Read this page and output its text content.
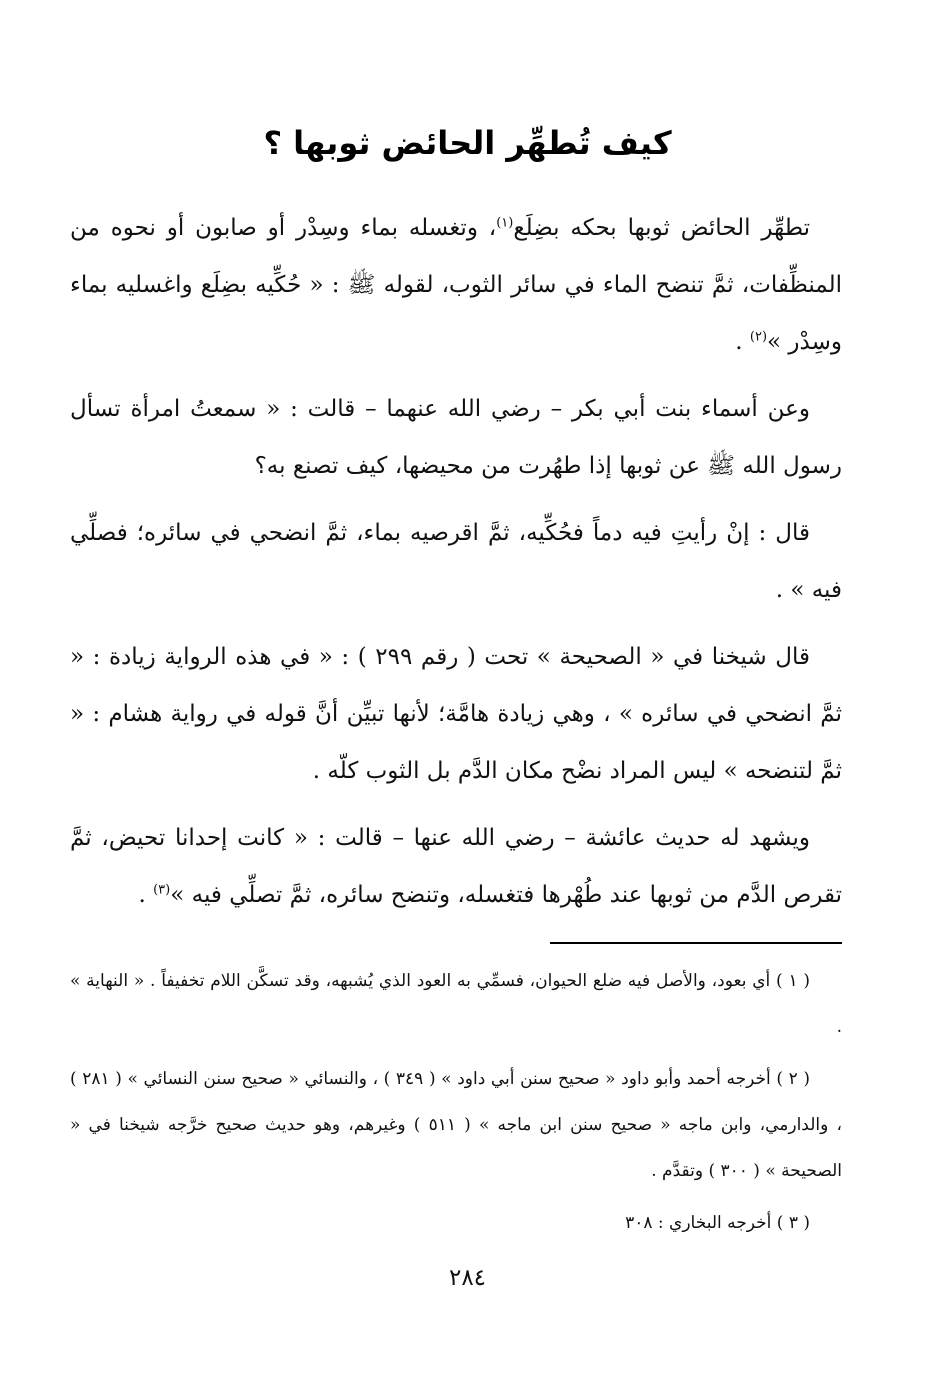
كيف تُطهِّر الحائض ثوبها ؟

تطهِّر الحائض ثوبها بحكه بضِلَع$^{(١)}$، وتغسله بماء وسِدْر أو صابون أو نحوه من المنظِّفات، ثمَّ تنضح الماء في سائر الثوب، لقوله ﷺ : « حُكِّيه بضِلَع واغسليه بماء وسِدْر »$^{(٢)}$ .

وعن أسماء بنت أبي بكر – رضي الله عنهما – قالت : « سمعتُ امرأة تسأل رسول الله ﷺ عن ثوبها إذا طهُرت من محيضها، كيف تصنع به؟

قال : إنْ رأيتِ فيه دماً فحُكِّيه، ثمَّ اقرصيه بماء، ثمَّ انضحي في سائره؛ فصلِّي فيه » .

قال شيخنا في « الصحيحة » تحت ( رقم ٢٩٩ ) : « في هذه الرواية زيادة : « ثمَّ انضحي في سائره » ، وهي زيادة هامَّة؛ لأنها تبيِّن أنَّ قوله في رواية هشام : « ثمَّ لتنضحه » ليس المراد نضْح مكان الدَّم بل الثوب كلّه .

ويشهد له حديث عائشة – رضي الله عنها – قالت : « كانت إحدانا تحيض، ثمَّ تقرص الدَّم من ثوبها عند طُهْرها فتغسله، وتنضح سائره، ثمَّ تصلِّي فيه »$^{(٣)}$ .

( ١ ) أي بعود، والأصل فيه ضلع الحيوان، فسمِّي به العود الذي يُشبهه، وقد تسكَّن اللام تخفيفاً . « النهاية » .

( ٢ ) أخرجه أحمد وأبو داود « صحيح سنن أبي داود » ( ٣٤٩ ) ، والنسائي « صحيح سنن النسائي » ( ٢٨١ ) ، والدارمي، وابن ماجه « صحيح سنن ابن ماجه » ( ٥١١ ) وغيرهم، وهو حديث صحيح خرَّجه شيخنا في « الصحيحة » ( ٣٠٠ ) وتقدَّم .

( ٣ ) أخرجه البخاري : ٣٠٨

٢٨٤
